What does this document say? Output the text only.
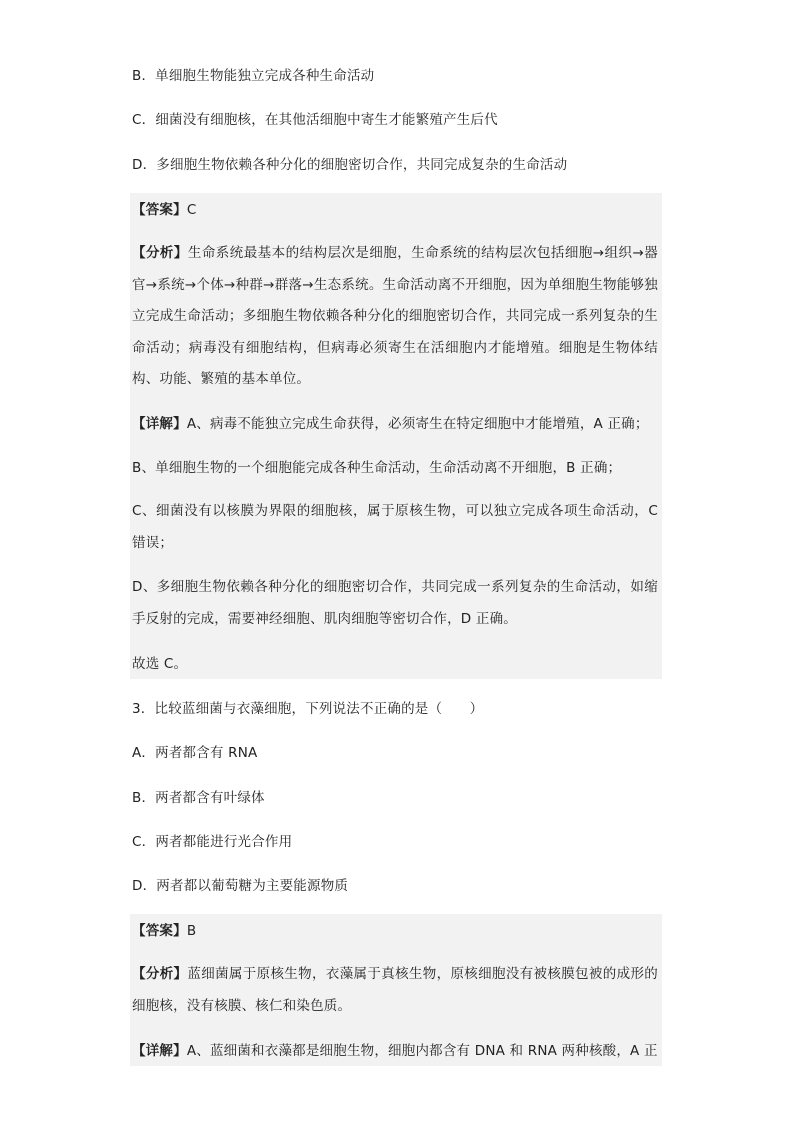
B．单细胞生物能独立完成各种生命活动
C．细菌没有细胞核，在其他活细胞中寄生才能繁殖产生后代
D．多细胞生物依赖各种分化的细胞密切合作，共同完成复杂的生命活动
【答案】C
【分析】生命系统最基本的结构层次是细胞，生命系统的结构层次包括细胞→组织→器官→系统→个体→种群→群落→生态系统。生命活动离不开细胞，因为单细胞生物能够独立完成生命活动；多细胞生物依赖各种分化的细胞密切合作，共同完成一系列复杂的生命活动；病毒没有细胞结构，但病毒必须寄生在活细胞内才能增殖。细胞是生物体结构、功能、繁殖的基本单位。
【详解】A、病毒不能独立完成生命获得，必须寄生在特定细胞中才能增殖，A 正确；
B、单细胞生物的一个细胞能完成各种生命活动，生命活动离不开细胞，B 正确；
C、细菌没有以核膜为界限的细胞核，属于原核生物，可以独立完成各项生命活动，C 错误；
D、多细胞生物依赖各种分化的细胞密切合作，共同完成一系列复杂的生命活动，如缩手反射的完成，需要神经细胞、肌肉细胞等密切合作，D 正确。
故选 C。
3．比较蓝细菌与衣藻细胞，下列说法不正确的是（　　）
A．两者都含有 RNA
B．两者都含有叶绿体
C．两者都能进行光合作用
D．两者都以葡萄糖为主要能源物质
【答案】B
【分析】蓝细菌属于原核生物，衣藻属于真核生物，原核细胞没有被核膜包被的成形的细胞核，没有核膜、核仁和染色质。
【详解】A、蓝细菌和衣藻都是细胞生物，细胞内都含有 DNA 和 RNA 两种核酸，A 正
